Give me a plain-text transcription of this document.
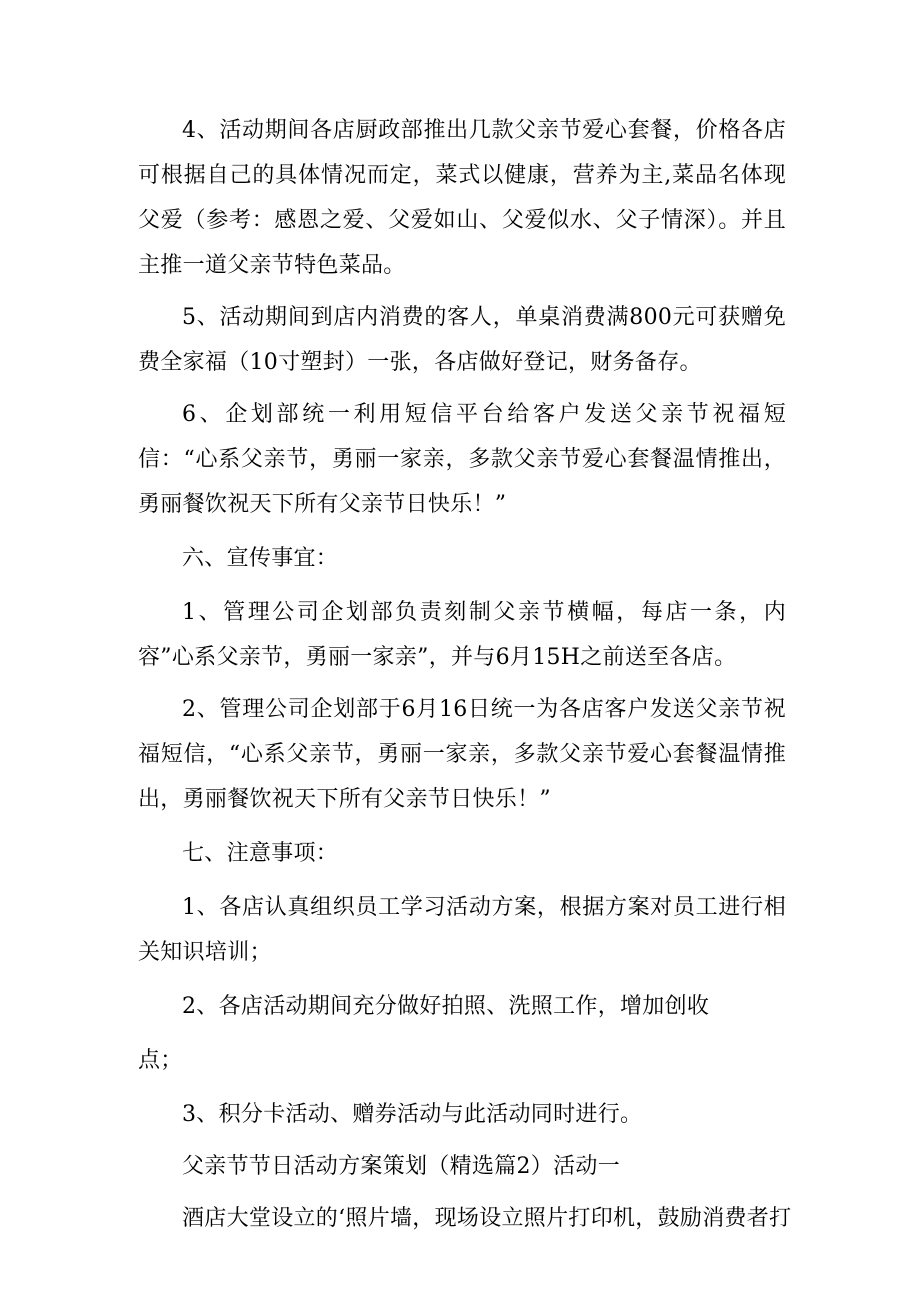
4、活动期间各店厨政部推出几款父亲节爱心套餐，价格各店可根据自己的具体情况而定，菜式以健康，营养为主,菜品名体现父爱（参考：感恩之爱、父爱如山、父爱似水、父子情深）。并且主推一道父亲节特色菜品。

5、活动期间到店内消费的客人，单桌消费满800元可获赠免费全家福（10寸塑封）一张，各店做好登记，财务备存。

6、企划部统一利用短信平台给客户发送父亲节祝福短信：“心系父亲节，勇丽一家亲，多款父亲节爱心套餐温情推出，勇丽餐饮祝天下所有父亲节日快乐！”

六、宣传事宜：

1、管理公司企划部负责刻制父亲节横幅，每店一条，内容”心系父亲节，勇丽一家亲”，并与6月15H之前送至各店。

2、管理公司企划部于6月16日统一为各店客户发送父亲节祝福短信，“心系父亲节，勇丽一家亲，多款父亲节爱心套餐温情推出，勇丽餐饮祝天下所有父亲节日快乐！”

七、注意事项：

1、各店认真组织员工学习活动方案，根据方案对员工进行相关知识培训；

2、各店活动期间充分做好拍照、洗照工作，增加创收

点；

3、积分卡活动、赠券活动与此活动同时进行。

父亲节节日活动方案策划（精选篇2）活动一

酒店大堂设立的‘照片墙，现场设立照片打印机，鼓励消费者打
